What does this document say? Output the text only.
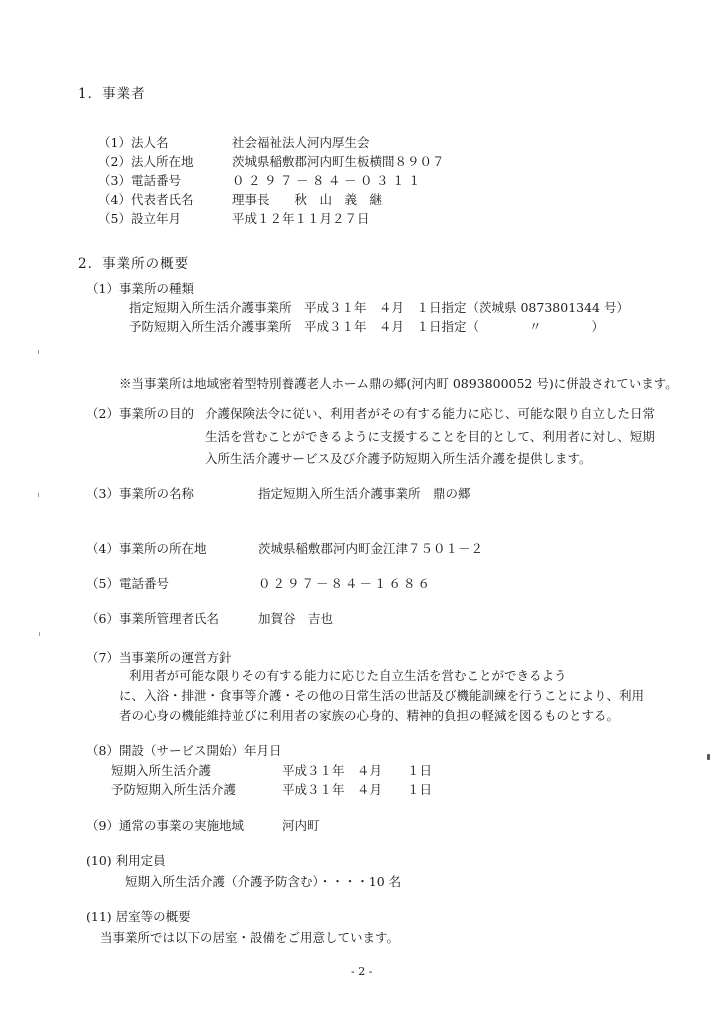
1．事業者
（1）法人名	社会福祉法人河内厚生会
（2）法人所在地	茨城県稲敷郡河内町生板横間８９０７
（3）電話番号	０２９７－８４－０３１１
（4）代表者氏名	理事長　　秋　山　義　継
（5）設立年月	平成１２年１１月２７日
2．事業所の概要
（1）事業所の種類
指定短期入所生活介護事業所　平成３１年　４月　１日指定（茨城県 0873801344 号）
予防短期入所生活介護事業所　平成３１年　４月　１日指定（　　　　〃　　　　）
※当事業所は地域密着型特別養護老人ホーム鼎の郷(河内町 0893800052 号)に併設されています。
（2）事業所の目的 介護保険法令に従い、利用者がその有する能力に応じ、可能な限り自立した日常
生活を営むことができるように支援することを目的として、利用者に対し、短期
入所生活介護サービス及び介護予防短期入所生活介護を提供します。
（3）事業所の名称	指定短期入所生活介護事業所　鼎の郷
（4）事業所の所在地	茨城県稲敷郡河内町金江津７５０１－２
（5）電話番号	０２９７－８４－１６８６
（6）事業所管理者氏名	加賀谷　吉也
（7）当事業所の運営方針
利用者が可能な限りその有する能力に応じた自立生活を営むことができるよう
に、入浴・排泄・食事等介護・その他の日常生活の世話及び機能訓練を行うことにより、利用
者の心身の機能維持並びに利用者の家族の心身的、精神的負担の軽減を図るものとする。
（8）開設（サービス開始）年月日
短期入所生活介護	平成３１年　４月　　１日
予防短期入所生活介護	平成３１年　４月　　１日
（9）通常の事業の実施地域	河内町
(10) 利用定員
短期入所生活介護（介護予防含む）・・・・10 名
(11) 居室等の概要
当事業所では以下の居室・設備をご用意しています。
- 2 -
